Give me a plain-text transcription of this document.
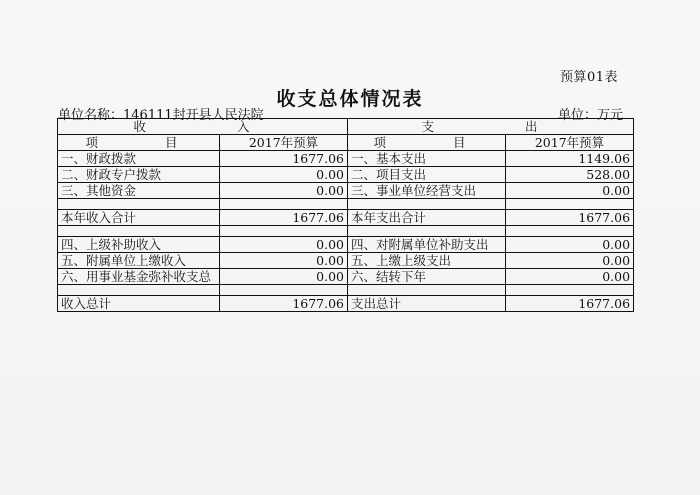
预算01表
收支总体情况表
单位名称：146111封开县人民法院	单位：万元
收　　入		支　　出	
项　　目	2017年预算	项　　目	2017年预算
一、财政拨款	1677.06	一、基本支出	1149.06
二、财政专户拨款	0.00	二、项目支出	528.00
三、其他资金	0.00	三、事业单位经营支出	0.00

本年收入合计	1677.06	本年支出合计	1677.06

四、上级补助收入	0.00	四、对附属单位补助支出	0.00
五、附属单位上缴收入	0.00	五、上缴上级支出	0.00
六、用事业基金弥补收支总	0.00	六、结转下年	0.00

收入总计	1677.06	支出总计	1677.06
